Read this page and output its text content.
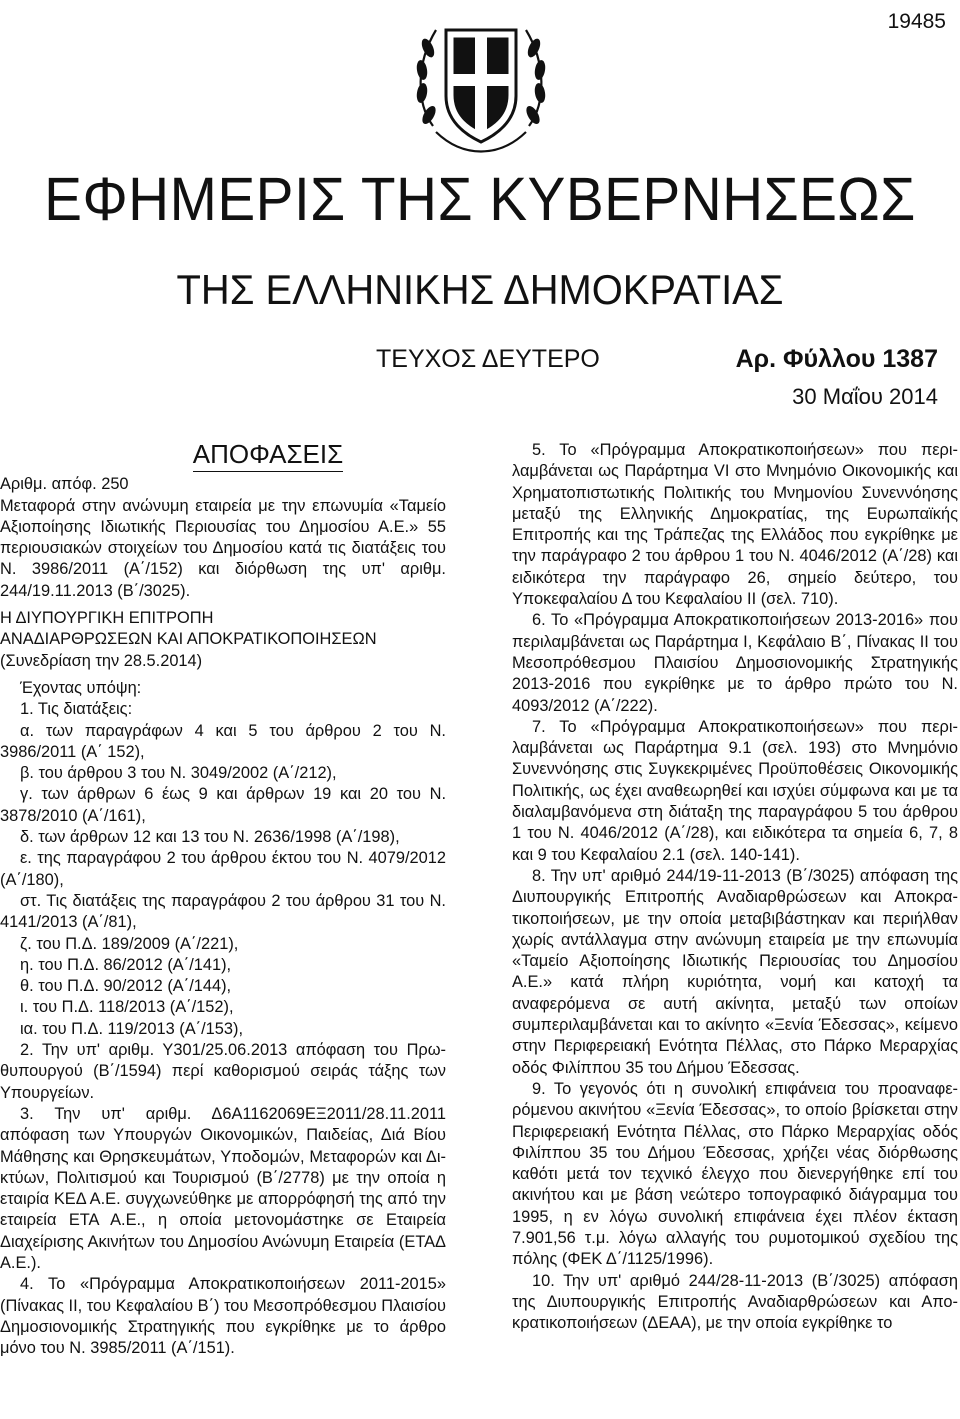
19485
ΕΦΗΜΕΡΙΣ ΤΗΣ ΚΥΒΕΡΝΗΣΕΩΣ
ΤΗΣ ΕΛΛΗΝΙΚΗΣ ΔΗΜΟΚΡΑΤΙΑΣ
ΤΕΥΧΟΣ ΔΕΥΤΕΡΟ	Αρ. Φύλλου 1387
30 Μαΐου 2014
ΑΠΟΦΑΣΕΙΣ

Αριθμ. απόφ. 250

Μεταφορά στην ανώνυμη εταιρεία με την επωνυμία «Ταμείο Αξιοποίησης Ιδιωτικής Περιουσίας του Δημοσίου Α.Ε.» 55 περιουσιακών στοιχείων του Δημοσίου κατά τις διατάξεις του Ν. 3986/2011 (Α΄/152) και διόρθωση της υπ' αριθμ. 244/19.11.2013 (Β΄/3025).

Η ΔΙΥΠΟΥΡΓΙΚΗ ΕΠΙΤΡΟΠΗ

ΑΝΑΔΙΑΡΘΡΩΣΕΩΝ ΚΑΙ ΑΠΟΚΡΑΤΙΚΟΠΟΙΗΣΕΩΝ

(Συνεδρίαση την 28.5.2014)

Έχοντας υπόψη:

1. Τις διατάξεις:

α. των παραγράφων 4 και 5 του άρθρου 2 του Ν. 3986/2011 (Α΄ 152),

β. του άρθρου 3 του Ν. 3049/2002 (Α΄/212),

γ. των άρθρων 6 έως 9 και άρθρων 19 και 20 του Ν. 3878/2010 (Α΄/161),

δ. των άρθρων 12 και 13 του Ν. 2636/1998 (Α΄/198),

ε. της παραγράφου 2 του άρθρου έκτου του Ν. 4079/2012 (Α΄/180),

στ. Τις διατάξεις της παραγράφου 2 του άρθρου 31 του Ν. 4141/2013 (Α΄/81),

ζ. του Π.Δ. 189/2009 (Α΄/221),

η. του Π.Δ. 86/2012 (Α΄/141),

θ. του Π.Δ. 90/2012 (Α΄/144),

ι. του Π.Δ. 118/2013 (Α΄/152),

ια. του Π.Δ. 119/2013 (Α΄/153),

2. Την υπ' αριθμ. Υ301/25.06.2013 απόφαση του Πρωθυπουργού (Β΄/1594) περί καθορισμού σειράς τάξης των Υπουργείων.

3. Την υπ' αριθμ. Δ6Α1162069ΕΞ2011/28.11.2011 απόφαση των Υπουργών Οικονομικών, Παιδείας, Διά Βίου Μάθησης και Θρησκευμάτων, Υποδομών, Μεταφορών και Δικτύων, Πολιτισμού και Τουρισμού (Β΄/2778) με την οποία η εταιρία ΚΕΔ Α.Ε. συγχωνεύθηκε με απορρόφησή της από την εταιρεία ΕΤΑ Α.Ε., η οποία μετονομάστηκε σε Εταιρεία Διαχείρισης Ακινήτων του Δημοσίου Ανώνυμη Εταιρεία (ΕΤΑΔ Α.Ε.).

4. Το «Πρόγραμμα Αποκρατικοποιήσεων 2011-2015» (Πίνακας ΙΙ, του Κεφαλαίου Β΄) του Μεσοπρόθεσμου Πλαισίου Δημοσιονομικής Στρατηγικής που εγκρίθηκε με το άρθρο μόνο του Ν. 3985/2011 (Α΄/151).

5. Το «Πρόγραμμα Αποκρατικοποιήσεων» που περιλαμβάνεται ως Παράρτημα VI στο Μνημόνιο Οικονομικής και Χρηματοπιστωτικής Πολιτικής του Μνημονίου Συνεννόησης μεταξύ της Ελληνικής Δημοκρατίας, της Ευρωπαϊκής Επιτροπής και της Τράπεζας της Ελλάδος που εγκρίθηκε με την παράγραφο 2 του άρθρου 1 του Ν. 4046/2012 (Α΄/28) και ειδικότερα την παράγραφο 26, σημείο δεύτερο, του Υποκεφαλαίου Δ του Κεφαλαίου ΙΙ (σελ. 710).

6. Το «Πρόγραμμα Αποκρατικοποιήσεων 2013-2016» που περιλαμβάνεται ως Παράρτημα Ι, Κεφάλαιο Β΄, Πίνακας ΙΙ του Μεσοπρόθεσμου Πλαισίου Δημοσιονομικής Στρατηγικής 2013-2016 που εγκρίθηκε με το άρθρο πρώτο του Ν. 4093/2012 (Α΄/222).

7. Το «Πρόγραμμα Αποκρατικοποιήσεων» που περιλαμβάνεται ως Παράρτημα 9.1 (σελ. 193) στο Μνημόνιο Συνεννόησης στις Συγκεκριμένες Προϋποθέσεις Οικονομικής Πολιτικής, ως έχει αναθεωρηθεί και ισχύει σύμφωνα και με τα διαλαμβανόμενα στη διάταξη της παραγράφου 5 του άρθρου 1 του Ν. 4046/2012 (Α΄/28), και ειδικότερα τα σημεία 6, 7, 8 και 9 του Κεφαλαίου 2.1 (σελ. 140-141).

8. Την υπ' αριθμό 244/19-11-2013 (Β΄/3025) απόφαση της Διυπουργικής Επιτροπής Αναδιαρθρώσεων και Αποκρατικοποιήσεων, με την οποία μεταβιβάστηκαν και περιήλθαν χωρίς αντάλλαγμα στην ανώνυμη εταιρεία με την επωνυμία «Ταμείο Αξιοποίησης Ιδιωτικής Περιουσίας του Δημοσίου Α.Ε.» κατά πλήρη κυριότητα, νομή και κατοχή τα αναφερόμενα σε αυτή ακίνητα, μεταξύ των οποίων συμπεριλαμβάνεται και το ακίνητο «Ξενία Έδεσσας», κείμενο στην Περιφερειακή Ενότητα Πέλλας, στο Πάρκο Μεραρχίας οδός Φιλίππου 35 του Δήμου Έδεσσας.

9. Το γεγονός ότι η συνολική επιφάνεια του προαναφερόμενου ακινήτου «Ξενία Έδεσσας», το οποίο βρίσκεται στην Περιφερειακή Ενότητα Πέλλας, στο Πάρκο Μεραρχίας οδός Φιλίππου 35 του Δήμου Έδεσσας, χρήζει νέας διόρθωσης καθότι μετά τον τεχνικό έλεγχο που διενεργήθηκε επί του ακινήτου και με βάση νεώτερο τοπογραφικό διάγραμμα του 1995, η εν λόγω συνολική επιφάνεια έχει πλέον έκταση 7.901,56 τ.μ. λόγω αλλαγής του ρυμοτομικού σχεδίου της πόλης (ΦΕΚ Δ΄/1125/1996).

10. Την υπ' αριθμό 244/28-11-2013 (Β΄/3025) απόφαση της Διυπουργικής Επιτροπής Αναδιαρθρώσεων και Αποκρατικοποιήσεων (ΔΕΑΑ), με την οποία εγκρίθηκε το
